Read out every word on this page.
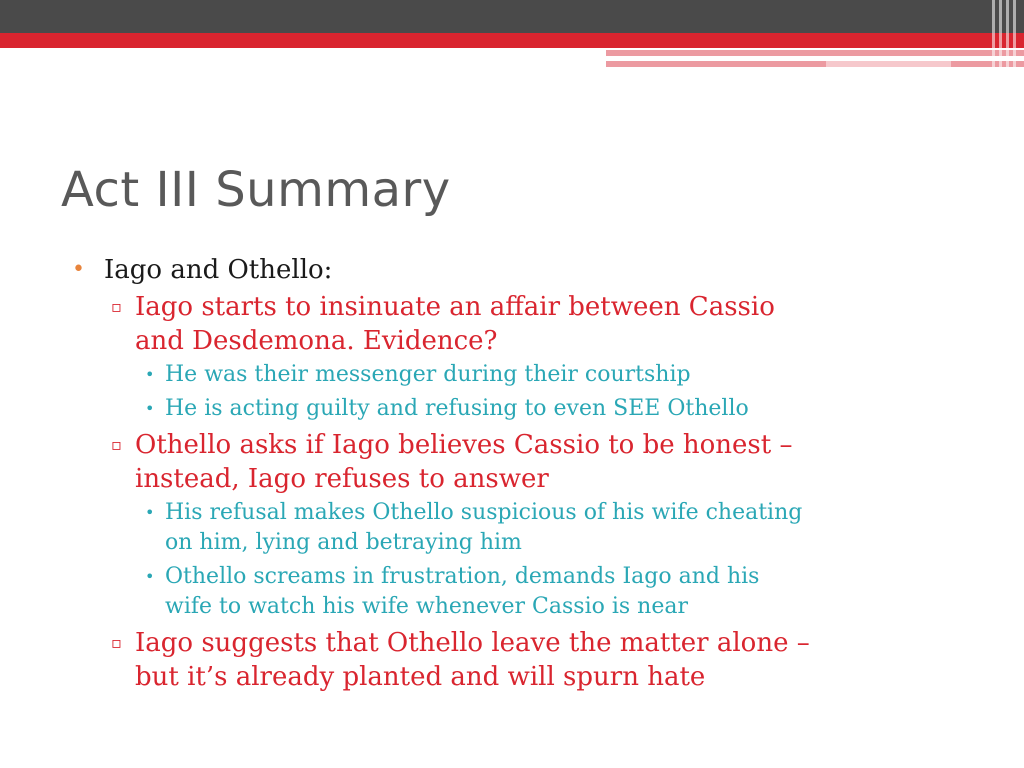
Act III Summary
• Iago and Othello:
▫ Iago starts to insinuate an affair between Cassio
and Desdemona. Evidence?
• He was their messenger during their courtship
• He is acting guilty and refusing to even SEE Othello
▫ Othello asks if Iago believes Cassio to be honest –
instead, Iago refuses to answer
• His refusal makes Othello suspicious of his wife cheating
on him, lying and betraying him
• Othello screams in frustration, demands Iago and his
wife to watch his wife whenever Cassio is near
▫ Iago suggests that Othello leave the matter alone –
but it’s already planted and will spurn hate
